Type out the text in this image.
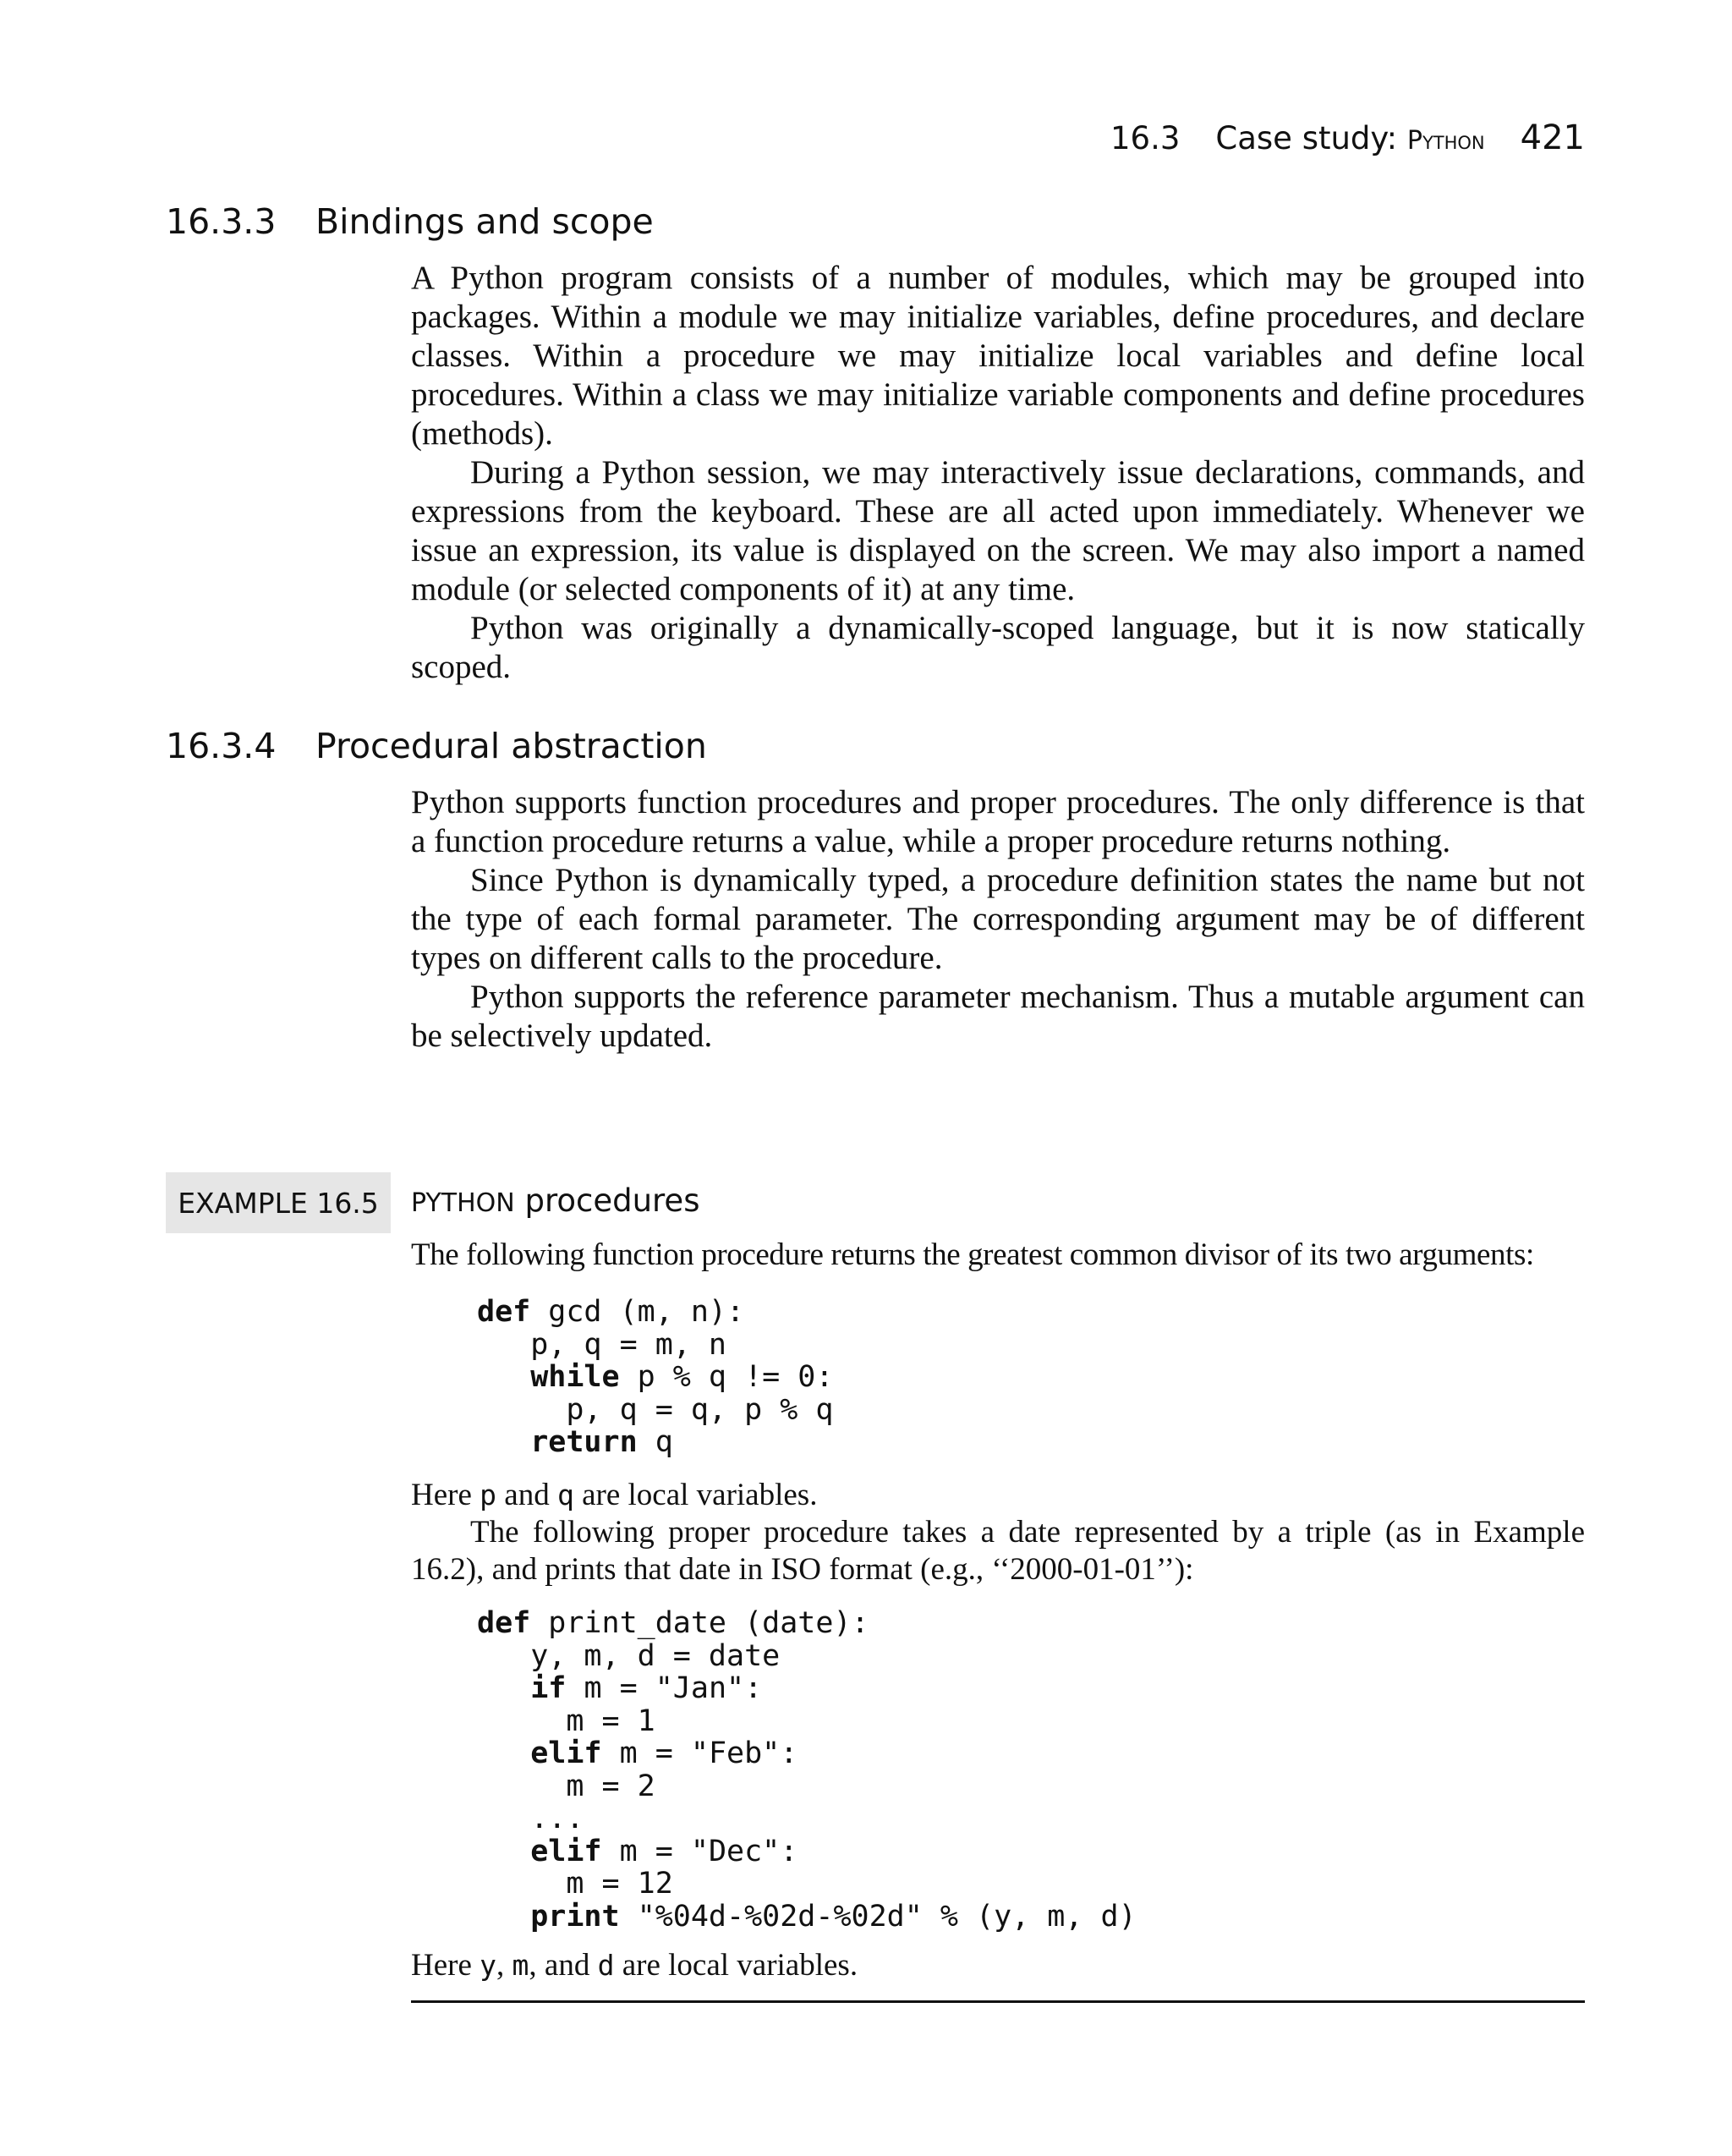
16.3 Case study: Python 421
16.3.3 Bindings and scope

A Python program consists of a number of modules, which may be grouped into packages. Within a module we may initialize variables, define procedures, and declare classes. Within a procedure we may initialize local variables and define local procedures. Within a class we may initialize variable components and define procedures (methods).

During a Python session, we may interactively issue declarations, commands, and expressions from the keyboard. These are all acted upon immediately. Whenever we issue an expression, its value is displayed on the screen. We may also import a named module (or selected components of it) at any time.

Python was originally a dynamically-scoped language, but it is now statically scoped.

16.3.4 Procedural abstraction

Python supports function procedures and proper procedures. The only difference is that a function procedure returns a value, while a proper procedure returns nothing.

Since Python is dynamically typed, a procedure definition states the name but not the type of each formal parameter. The corresponding argument may be of different types on different calls to the procedure.

Python supports the reference parameter mechanism. Thus a mutable argument can be selectively updated.

EXAMPLE 16.5	PYTHON procedures
The following function procedure returns the greatest common divisor of its two arguments:
def gcd (m, n):
p, q = m, n
while p % q != 0:
p, q = q, p % q
return q

Here p and q are local variables.

The following proper procedure takes a date represented by a triple (as in Example 16.2), and prints that date in ISO format (e.g., ‘‘2000-01-01’’):

def print_date (date):
y, m, d = date
if m = "Jan":
m = 1
elif m = "Feb":
m = 2
...
elif m = "Dec":
m = 12
print "%04d-%02d-%02d" % (y, m, d)

Here y, m, and d are local variables.
